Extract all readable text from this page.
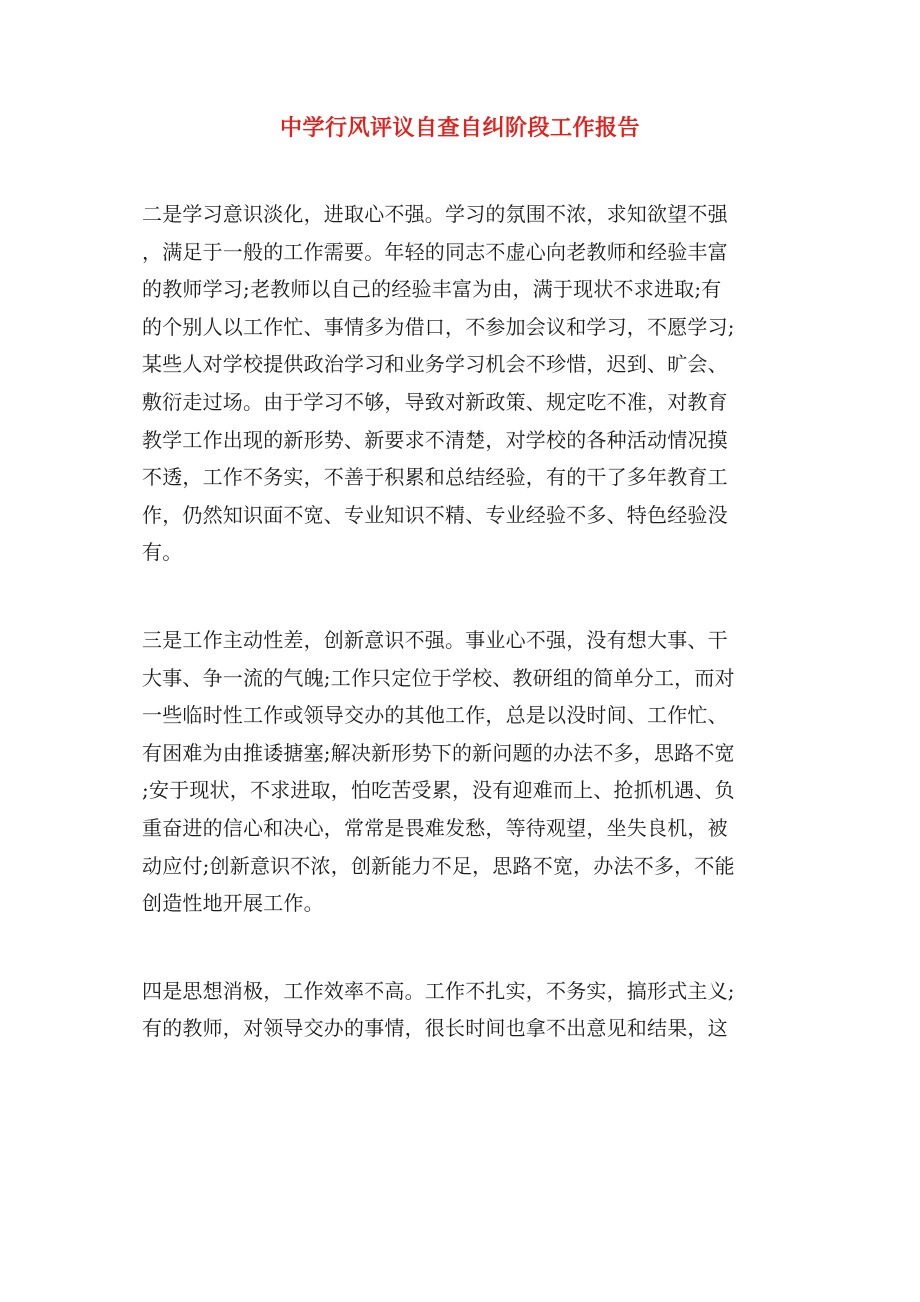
中学行风评议自查自纠阶段工作报告

二是学习意识淡化，进取心不强。学习的氛围不浓，求知欲望不强
，满足于一般的工作需要。年轻的同志不虚心向老教师和经验丰富
的教师学习;老教师以自己的经验丰富为由，满于现状不求进取;有
的个别人以工作忙、事情多为借口，不参加会议和学习，不愿学习;
某些人对学校提供政治学习和业务学习机会不珍惜，迟到、旷会、
敷衍走过场。由于学习不够，导致对新政策、规定吃不准，对教育
教学工作出现的新形势、新要求不清楚，对学校的各种活动情况摸
不透，工作不务实，不善于积累和总结经验，有的干了多年教育工
作，仍然知识面不宽、专业知识不精、专业经验不多、特色经验没
有。

三是工作主动性差，创新意识不强。事业心不强，没有想大事、干
大事、争一流的气魄;工作只定位于学校、教研组的简单分工，而对
一些临时性工作或领导交办的其他工作，总是以没时间、工作忙、
有困难为由推诿搪塞;解决新形势下的新问题的办法不多，思路不宽
;安于现状，不求进取，怕吃苦受累，没有迎难而上、抢抓机遇、负
重奋进的信心和决心，常常是畏难发愁，等待观望，坐失良机，被
动应付;创新意识不浓，创新能力不足，思路不宽，办法不多，不能
创造性地开展工作。

四是思想消极，工作效率不高。工作不扎实，不务实，搞形式主义;
有的教师，对领导交办的事情，很长时间也拿不出意见和结果，这
